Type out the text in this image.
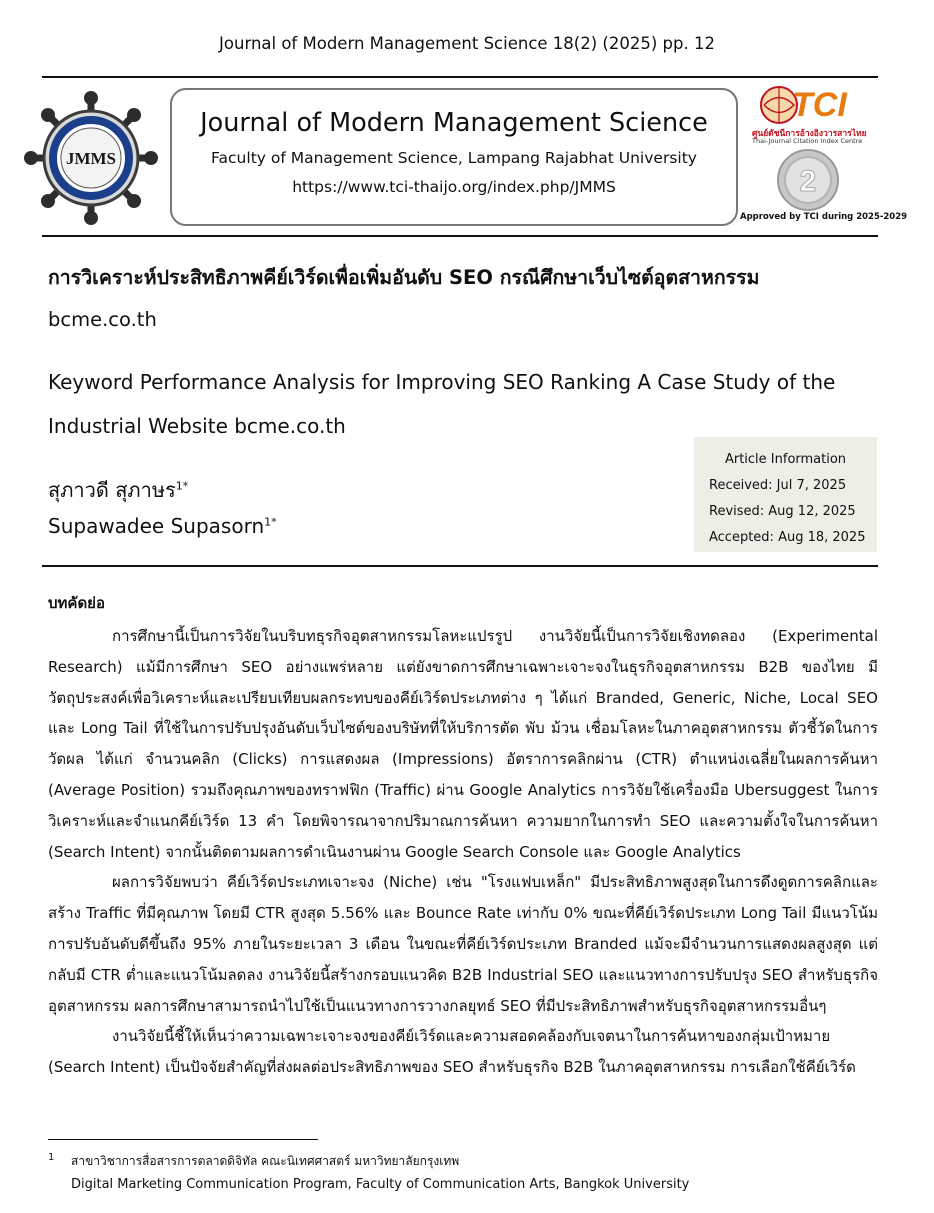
Journal of Modern Management Science 18(2) (2025) pp. 12
JMMS
Journal of Modern Management Science
Faculty of Management Science, Lampang Rajabhat University
https://www.tci-thaijo.org/index.php/JMMS
TCI
ศูนย์ดัชนีการอ้างอิงวารสารไทย
Thai-Journal Citation Index Centre
2
Approved by TCI during 2025-2029
การวิเคราะห์ประสิทธิภาพคีย์เวิร์ดเพื่อเพิ่มอันดับ SEO กรณีศึกษาเว็บไซต์อุตสาหกรรม
bcme.co.th
Keyword Performance Analysis for Improving SEO Ranking A Case Study of the Industrial Website bcme.co.th
Article Information
Received: Jul 7, 2025
Revised: Aug 12, 2025
Accepted: Aug 18, 2025
สุภาวดี สุภาษร$^{1*}$
Supawadee Supasorn$^{1*}$
บทคัดย่อ

การศึกษานี้เป็นการวิจัยในบริบทธุรกิจอุตสาหกรรมโลหะแปรรูป งานวิจัยนี้เป็นการวิจัยเชิงทดลอง (Experimental Research) แม้มีการศึกษา SEO อย่างแพร่หลาย แต่ยังขาดการศึกษาเฉพาะเจาะจงในธุรกิจอุตสาหกรรม B2B ของไทย มีวัตถุประสงค์เพื่อวิเคราะห์และเปรียบเทียบผลกระทบของคีย์เวิร์ดประเภทต่าง ๆ ได้แก่ Branded, Generic, Niche, Local SEO และ Long Tail ที่ใช้ในการปรับปรุงอันดับเว็บไซต์ของบริษัทที่ให้บริการตัด พับ ม้วน เชื่อมโลหะในภาคอุตสาหกรรม ตัวชี้วัดในการวัดผล ได้แก่ จำนวนคลิก (Clicks) การแสดงผล (Impressions) อัตราการคลิกผ่าน (CTR) ตำแหน่งเฉลี่ยในผลการค้นหา (Average Position) รวมถึงคุณภาพของทราฟฟิก (Traffic) ผ่าน Google Analytics การวิจัยใช้เครื่องมือ Ubersuggest ในการวิเคราะห์และจำแนกคีย์เวิร์ด 13 คำ โดยพิจารณาจากปริมาณการค้นหา ความยากในการทำ SEO และความตั้งใจในการค้นหา (Search Intent) จากนั้นติดตามผลการดำเนินงานผ่าน Google Search Console และ Google Analytics

ผลการวิจัยพบว่า คีย์เวิร์ดประเภทเจาะจง (Niche) เช่น "โรงแฟบเหล็ก" มีประสิทธิภาพสูงสุดในการดึงดูดการคลิกและสร้าง Traffic ที่มีคุณภาพ โดยมี CTR สูงสุด 5.56% และ Bounce Rate เท่ากับ 0% ขณะที่คีย์เวิร์ดประเภท Long Tail มีแนวโน้มการปรับอันดับดีขึ้นถึง 95% ภายในระยะเวลา 3 เดือน ในขณะที่คีย์เวิร์ดประเภท Branded แม้จะมีจำนวนการแสดงผลสูงสุด แต่กลับมี CTR ต่ำและแนวโน้มลดลง งานวิจัยนี้สร้างกรอบแนวคิด B2B Industrial SEO และแนวทางการปรับปรุง SEO สำหรับธุรกิจอุตสาหกรรม ผลการศึกษาสามารถนำไปใช้เป็นแนวทางการวางกลยุทธ์ SEO ที่มีประสิทธิภาพสำหรับธุรกิจอุตสาหกรรมอื่นๆ

งานวิจัยนี้ชี้ให้เห็นว่าความเฉพาะเจาะจงของคีย์เวิร์ดและความสอดคล้องกับเจตนาในการค้นหาของกลุ่มเป้าหมาย (Search Intent) เป็นปัจจัยสำคัญที่ส่งผลต่อประสิทธิภาพของ SEO สำหรับธุรกิจ B2B ในภาคอุตสาหกรรม การเลือกใช้คีย์เวิร์ด

1 สาขาวิชาการสื่อสารการตลาดดิจิทัล คณะนิเทศศาสตร์ มหาวิทยาลัยกรุงเทพ
Digital Marketing Communication Program, Faculty of Communication Arts, Bangkok University
